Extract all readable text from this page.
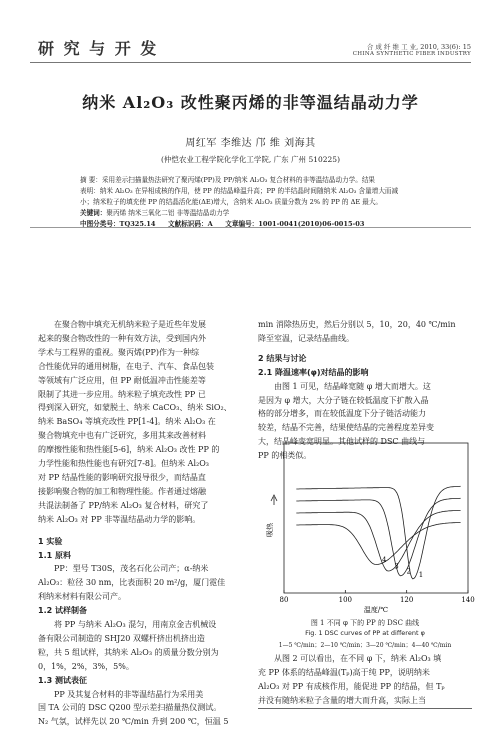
研 究 与 开 发	合 成 纤 维 工 业, 2010, 33(6): 15
CHINA SYNTHETIC FIBER INDUSTRY
纳米 Al₂O₃ 改性聚丙烯的非等温结晶动力学
周红军 李维达 邝 维 刘海其
(仲恺农业工程学院化学化工学院, 广东 广州 510225)
摘 要：采用差示扫描量热法研究了聚丙烯(PP)及 PP/纳米 Al₂O₃ 复合材料的非等温结晶动力学。结果
表明：纳米 Al₂O₃ 在异相成核的作用，使 PP 的结晶峰温升高；PP 的半结晶时间随纳米 Al₂O₃ 含量增大而减
小；纳米粒子的填充使 PP 的结晶活化能(ΔE)增大，含纳米 Al₂O₃ 质量分数为 2% 的 PP 的 ΔE 最大。
关键词：聚丙烯 纳米三氧化二铝 非等温结晶动力学
中图分类号：TQ325.14 文献标识码：A 文章编号：1001-0041(2010)06-0015-03
在聚合物中填充无机纳米粒子是近些年发展
起来的聚合物改性的一种有效方法，受到国内外
学术与工程界的重视。聚丙烯(PP)作为一种综
合性能优异的通用树脂，在电子、汽车、食品包装
等领域有广泛应用，但 PP 耐低温冲击性能差等
限制了其进一步应用。纳米粒子填充改性 PP 已
得到深入研究，如蒙脱土、纳米 CaCO₃、纳米 SiO₂、
纳米 BaSO₄ 等填充改性 PP[1-4]。纳米 Al₂O₃ 在
聚合物填充中也有广泛研究，多用其来改善材料
的摩擦性能和热性能[5-6]，纳米 Al₂O₃ 改性 PP 的
力学性能和热性能也有研究[7-8]。但纳米 Al₂O₃
对 PP 结晶性能的影响研究报导很少，而结晶直
接影响聚合物的加工和物理性能。作者通过熔融
共混法制备了 PP/纳米 Al₂O₃ 复合材料，研究了
纳米 Al₂O₃ 对 PP 非等温结晶动力学的影响。
1 实验
1.1 原料
PP：型号 T30S，茂名石化公司产；α-纳米
Al₂O₃：粒径 30 nm，比表面积 20 m²/g，厦门霓佳
利纳米材料有限公司产。
1.2 试样制备
将 PP 与纳米 Al₂O₃ 混匀，用南京金吉机械设
备有限公司制造的 SHJ20 双螺杆挤出机挤出造
粒，共 5 组试样，其纳米 Al₂O₃ 的质量分数分别为
0，1%，2%，3%，5%。
1.3 测试表征
PP 及其复合材料的非等温结晶行为采用美
国 TA 公司的 DSC Q200 型示差扫描量热仪测试。
N₂ 气氛，试样先以 20 ℃/min 升到 200 ℃，恒温 5
min 消除热历史，然后分别以 5，10，20，40 ℃/min
降至室温，记录结晶曲线。
2 结果与讨论
2.1 降温速率(φ)对结晶的影响
由图 1 可见，结晶峰宽随 φ 增大而增大。这
是因为 φ 增大，大分子链在较低温度下扩散入晶
格的部分增多，而在较低温度下分子链活动能力
较差，结晶不完善，结果使结晶的完善程度差异变
大，结晶峰变宽明显。其他试样的 DSC 曲线与
PP 的相类似。
吸热
1
2
3
4
80	100	120	140
温度/℃
图 1 不同 φ 下的 PP 的 DSC 曲线
Fig. 1 DSC curves of PP at different φ
1—5 ℃/min；2—10 ℃/min；3—20 ℃/min；4—40 ℃/min
从图 2 可以看出，在不同 φ 下，纳米 Al₂O₃ 填
充 PP 体系的结晶峰温(Tₚ)高于纯 PP，说明纳米
Al₂O₃ 对 PP 有成核作用，能促进 PP 的结晶，但 Tₚ
并没有随纳米粒子含量的增大而升高，实际上当
